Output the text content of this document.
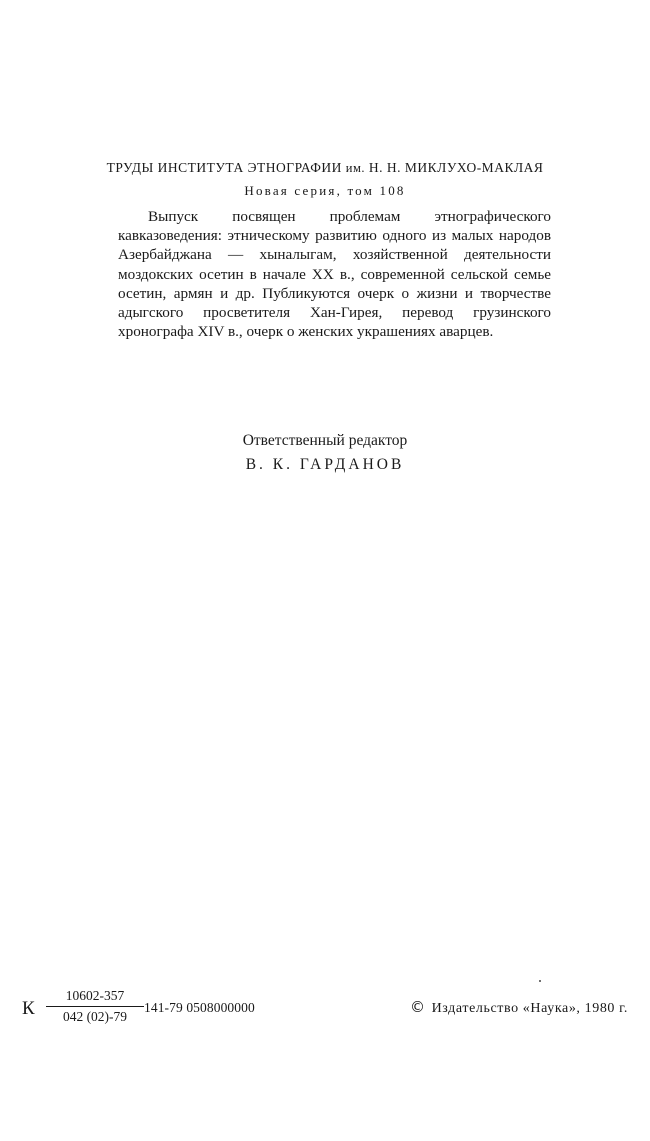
ТРУДЫ ИНСТИТУТА ЭТНОГРАФИИ им. Н. Н. МИКЛУХО-МАКЛАЯ

Новая серия, том 108

Выпуск посвящен проблемам этнографического кавказоведения: этническому развитию одного из малых народов Азербайджана — хыналыгам, хозяйственной деятельности моздокских осетин в начале XX в., современной сельской семье осетин, армян и др. Публикуются очерк о жизни и творчестве адыгского просветителя Хан-Гирея, перевод грузинского хронографа XIV в., очерк о женских украшениях аварцев.

Ответственный редактор

В. К. ГАРДАНОВ

К
10602-357
042 (02)-79
141-79 0508000000	© Издательство «Наука», 1980 г.
